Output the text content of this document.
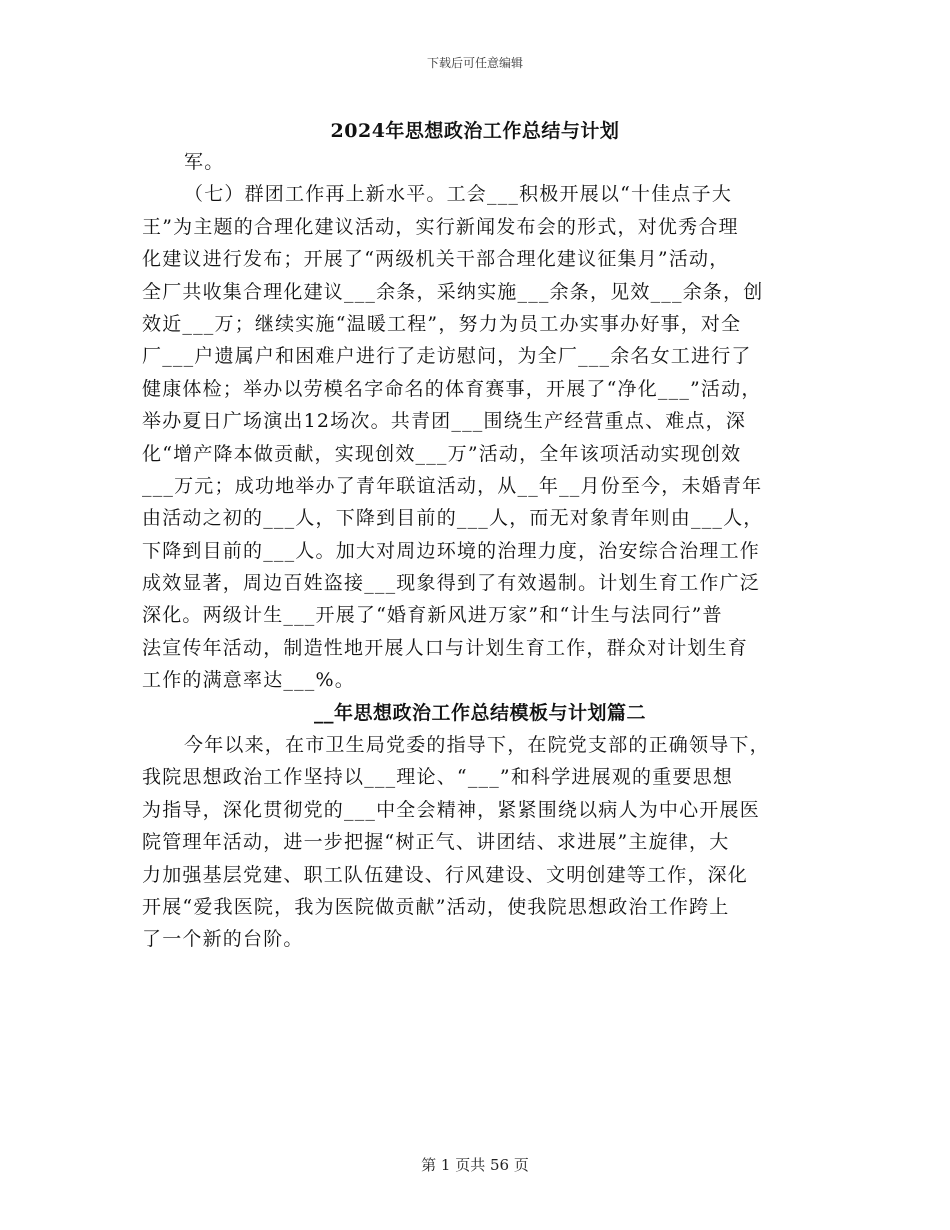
下载后可任意编辑
2024年思想政治工作总结与计划
军。
（七）群团工作再上新水平。工会___积极开展以“十佳点子大
王”为主题的合理化建议活动，实行新闻发布会的形式，对优秀合理
化建议进行发布；开展了“两级机关干部合理化建议征集月”活动，
全厂共收集合理化建议___余条，采纳实施___余条，见效___余条，创
效近___万；继续实施“温暖工程”，努力为员工办实事办好事，对全
厂___户遗属户和困难户进行了走访慰问，为全厂___余名女工进行了
健康体检；举办以劳模名字命名的体育赛事，开展了“净化___”活动，
举办夏日广场演出12场次。共青团___围绕生产经营重点、难点，深
化“增产降本做贡献，实现创效___万”活动，全年该项活动实现创效
___万元；成功地举办了青年联谊活动，从__年__月份至今，未婚青年
由活动之初的___人，下降到目前的___人，而无对象青年则由___人，
下降到目前的___人。加大对周边环境的治理力度，治安综合治理工作
成效显著，周边百姓盗接___现象得到了有效遏制。计划生育工作广泛
深化。两级计生___开展了“婚育新风进万家”和“计生与法同行”普
法宣传年活动，制造性地开展人口与计划生育工作，群众对计划生育
工作的满意率达___%。
__年思想政治工作总结模板与计划篇二
今年以来，在市卫生局党委的指导下，在院党支部的正确领导下，
我院思想政治工作坚持以___理论、“___”和科学进展观的重要思想
为指导，深化贯彻党的___中全会精神，紧紧围绕以病人为中心开展医
院管理年活动，进一步把握“树正气、讲团结、求进展”主旋律，大
力加强基层党建、职工队伍建设、行风建设、文明创建等工作，深化
开展“爱我医院，我为医院做贡献”活动，使我院思想政治工作跨上
了一个新的台阶。
第 1 页共 56 页
